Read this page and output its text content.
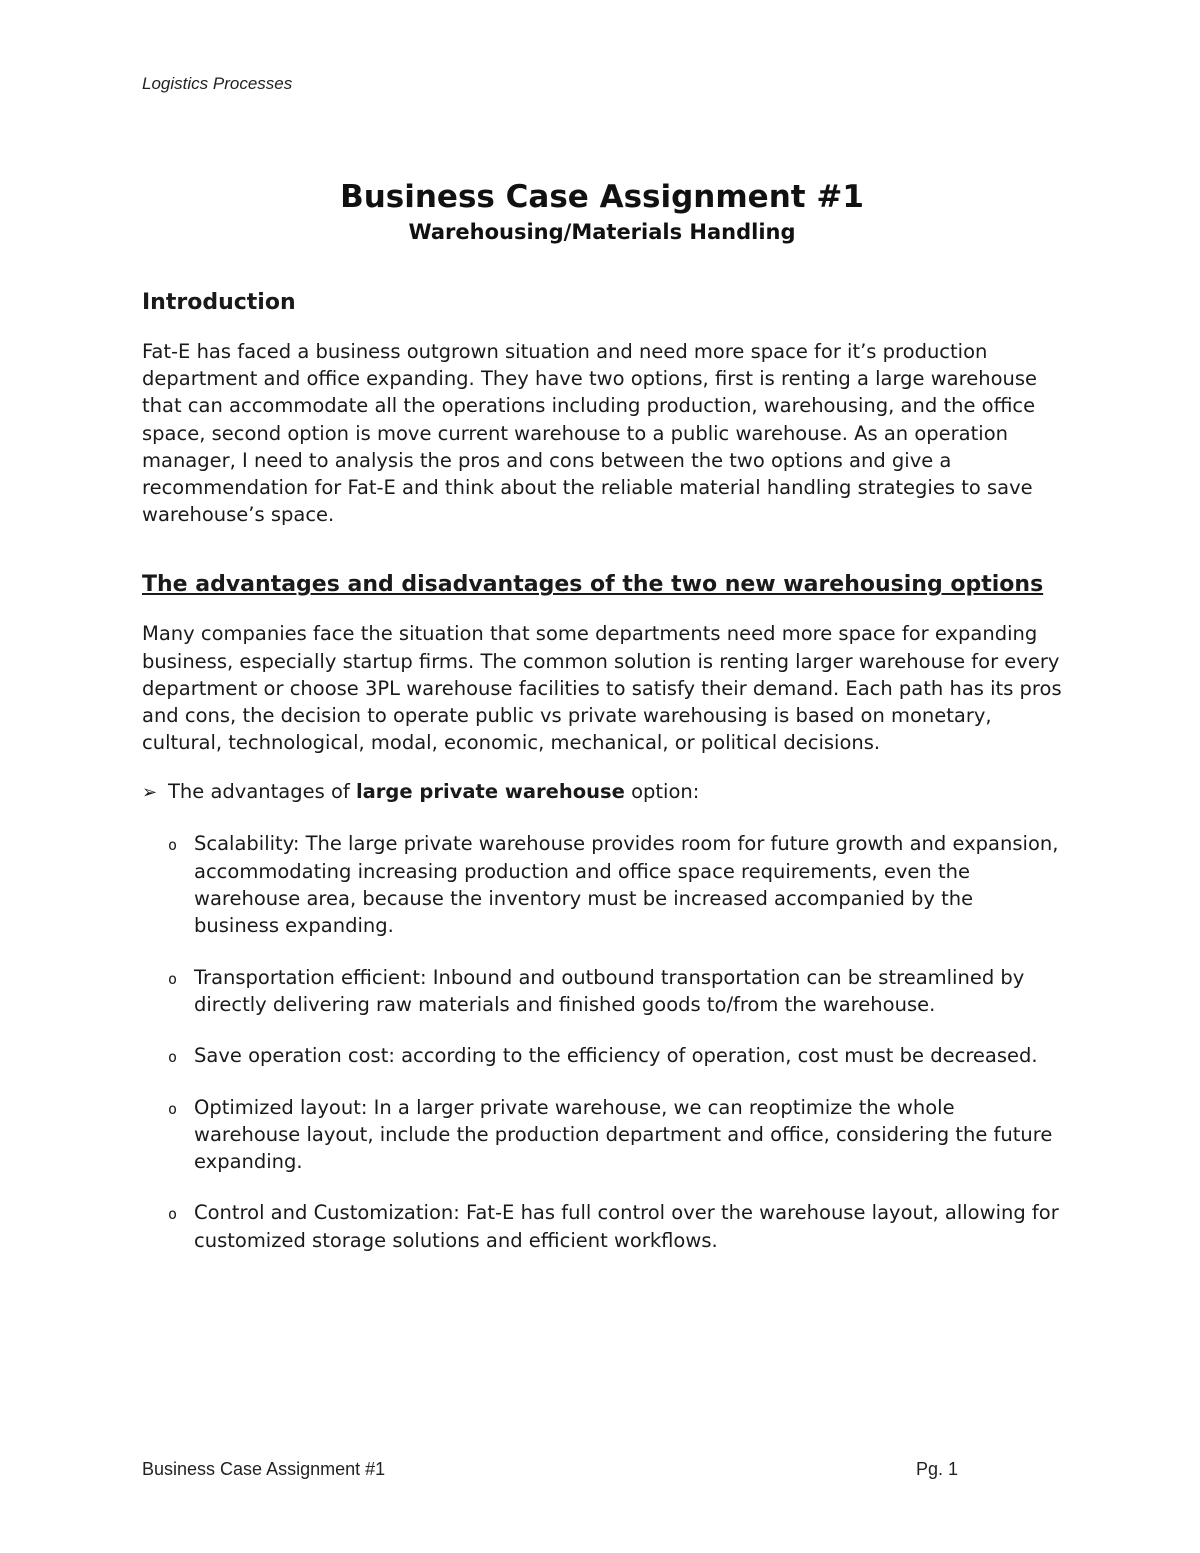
Logistics Processes
Business Case Assignment #1
Warehousing/Materials Handling
Introduction

Fat-E has faced a business outgrown situation and need more space for it’s production department and office expanding. They have two options, first is renting a large warehouse that can accommodate all the operations including production, warehousing, and the office space, second option is move current warehouse to a public warehouse. As an operation manager, I need to analysis the pros and cons between the two options and give a recommendation for Fat-E and think about the reliable material handling strategies to save warehouse’s space.

The advantages and disadvantages of the two new warehousing options

Many companies face the situation that some departments need more space for expanding business, especially startup firms. The common solution is renting larger warehouse for every department or choose 3PL warehouse facilities to satisfy their demand. Each path has its pros and cons, the decision to operate public vs private warehousing is based on monetary, cultural, technological, modal, economic, mechanical, or political decisions.

➢ The advantages of large private warehouse option:

o Scalability: The large private warehouse provides room for future growth and expansion, accommodating increasing production and office space requirements, even the warehouse area, because the inventory must be increased accompanied by the business expanding.
o Transportation efficient: Inbound and outbound transportation can be streamlined by directly delivering raw materials and finished goods to/from the warehouse.
o Save operation cost: according to the efficiency of operation, cost must be decreased.
o Optimized layout: In a larger private warehouse, we can reoptimize the whole warehouse layout, include the production department and office, considering the future expanding.
o Control and Customization: Fat-E has full control over the warehouse layout, allowing for customized storage solutions and efficient workflows.
Business Case Assignment #1	Pg. 1
